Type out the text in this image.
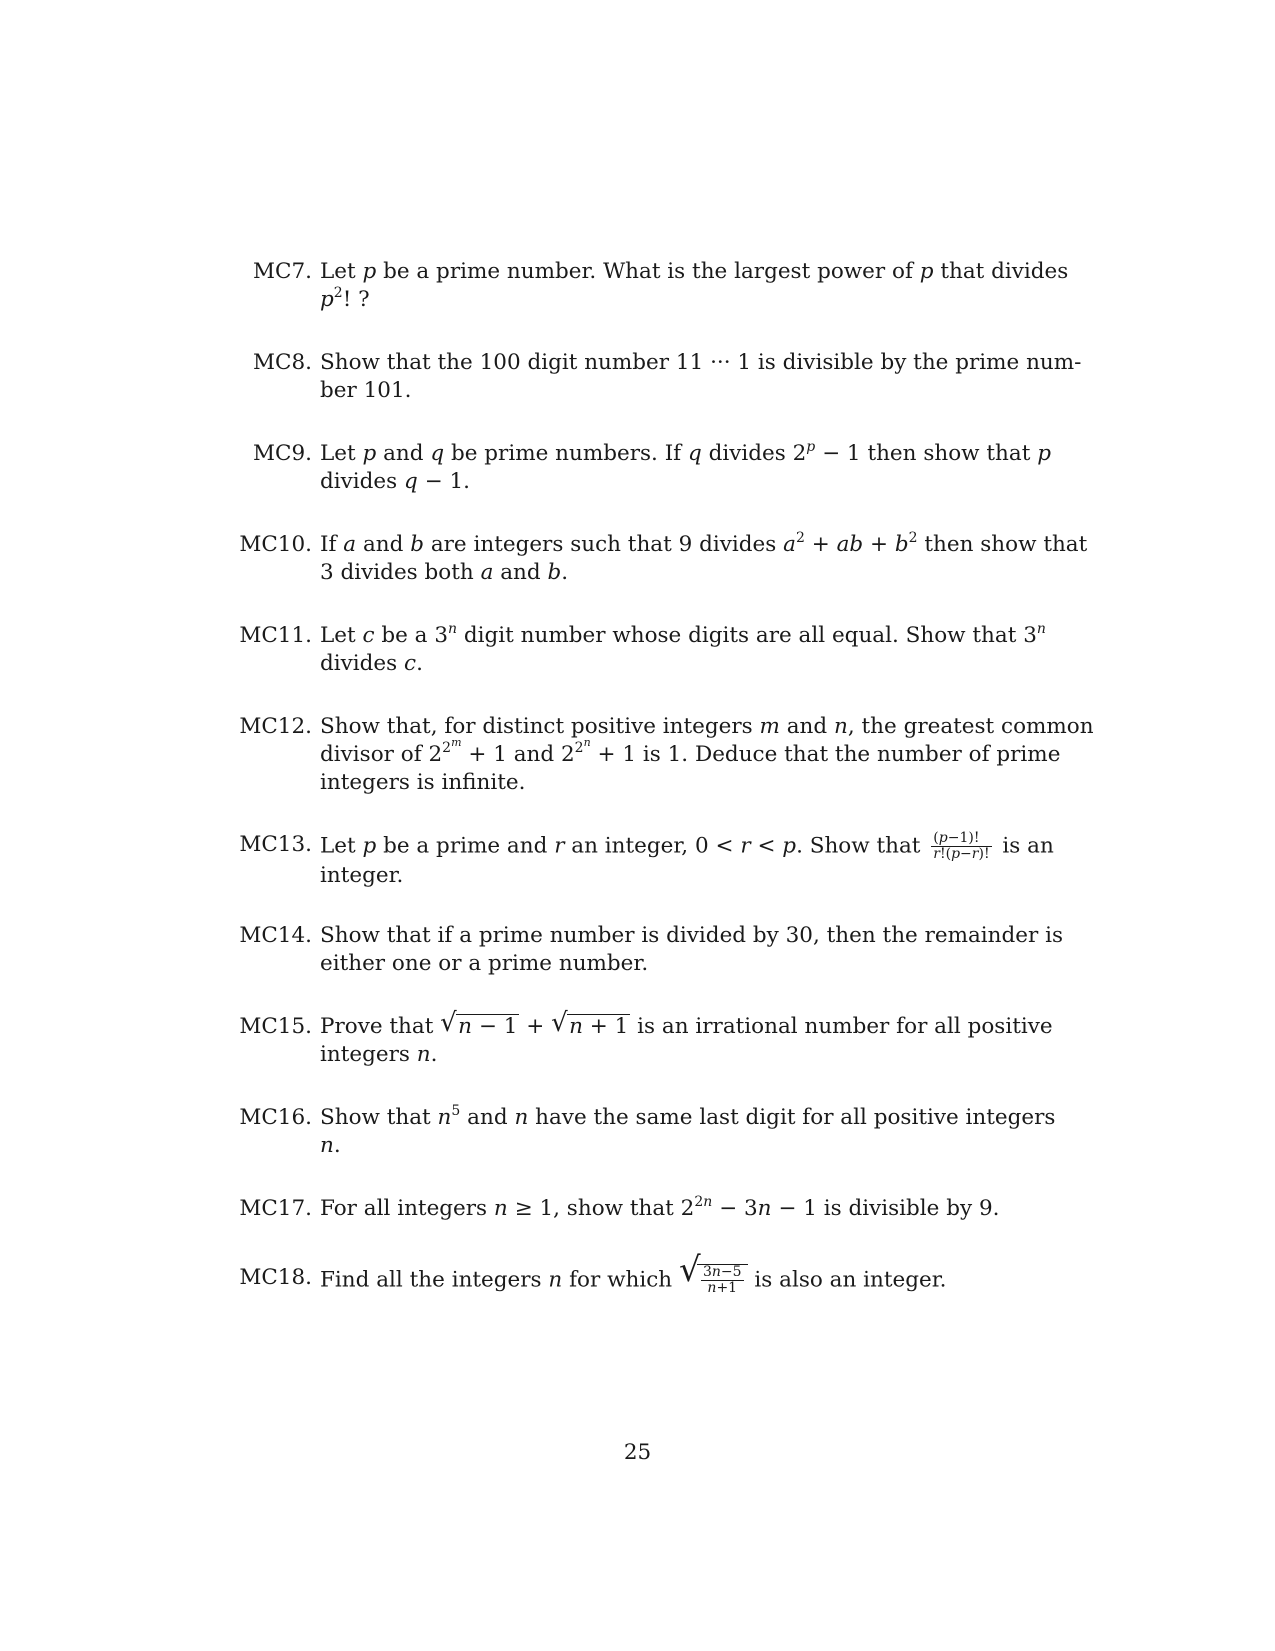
MC7. Let p be a prime number. What is the largest power of p that divides
$p^2$! ?
MC8. Show that the 100 digit number 11 ··· 1 is divisible by the prime num-
ber 101.
MC9. Let p and q be prime numbers. If q divides $2^p - 1$ then show that p
divides q − 1.
MC10. If a and b are integers such that 9 divides $a^2$ + ab + $b^2$ then show that
3 divides both a and b.
MC11. Let c be a 3$^n$ digit number whose digits are all equal. Show that 3$^n$
divides c.
MC12. Show that, for distinct positive integers m and n, the greatest common
divisor of $2^{2^m} + 1$ and $2^{2^n} + 1$ is 1. Deduce that the number of prime
integers is infinite.
MC13. Let p be a prime and r an integer, 0 < r < p. Show that $\frac{(p-1)!}{r!(p-r)!}$ is an
integer.
MC14. Show that if a prime number is divided by 30, then the remainder is
either one or a prime number.
MC15. Prove that √ n − 1 + √ n + 1 is an irrational number for all positive
integers n.
MC16. Show that $n^5$ and n have the same last digit for all positive integers
n.
MC17. For all integers n ≥ 1, show that $2^{2n} - 3n - 1$ is divisible by 9.
MC18. Find all the integers n for which √ $\frac{3n-5}{n+1}$ is also an integer.
25
